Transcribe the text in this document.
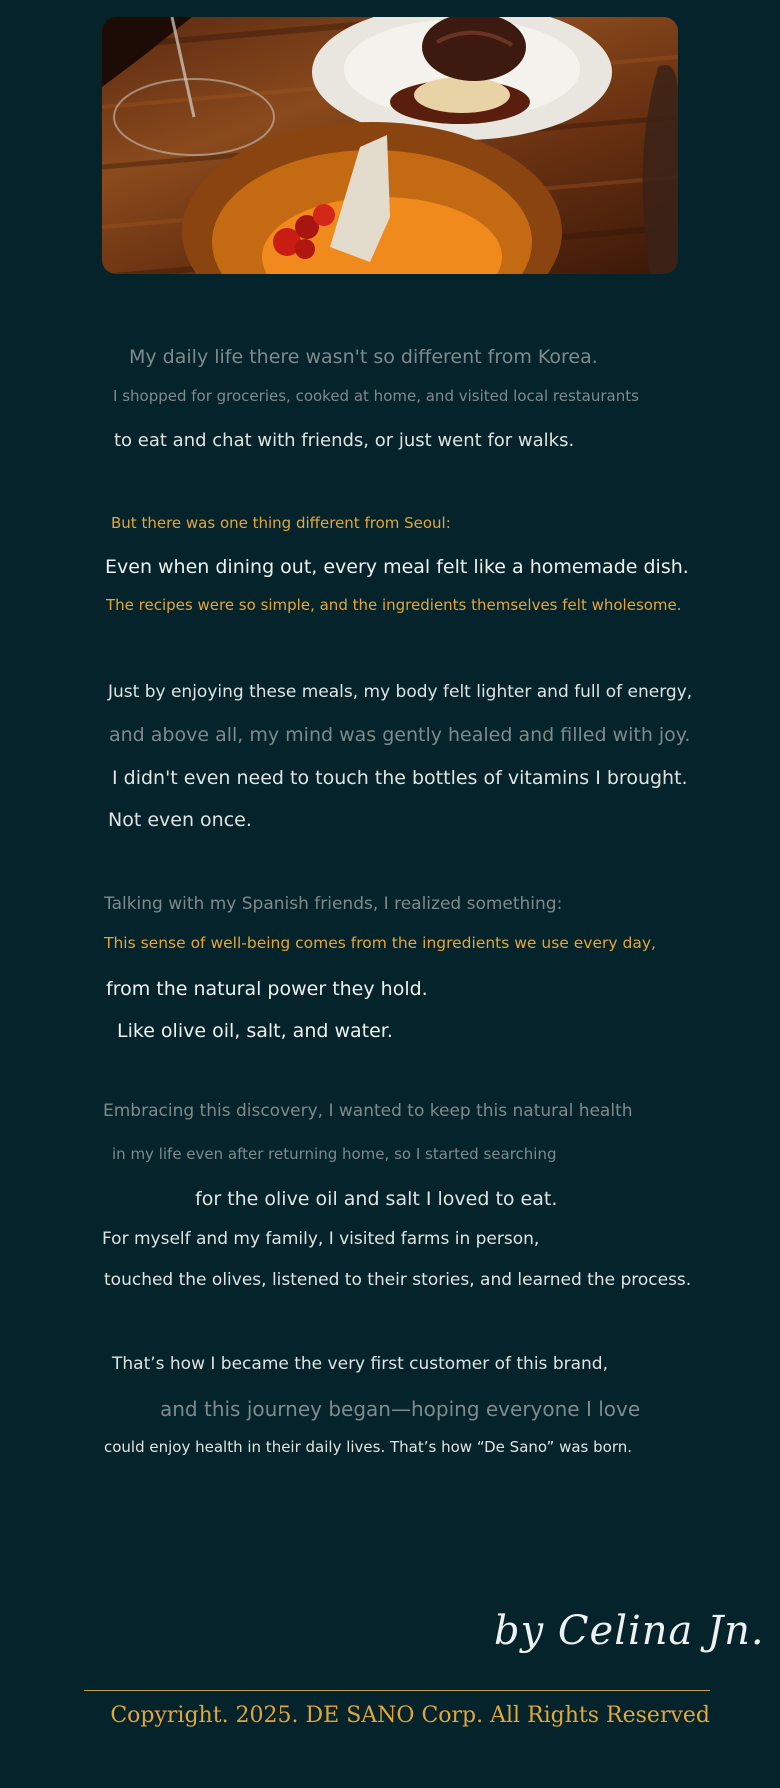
My daily life there wasn't so different from Korea.

I shopped for groceries, cooked at home, and visited local restaurants

to eat and chat with friends, or just went for walks.

But there was one thing different from Seoul:

Even when dining out, every meal felt like a homemade dish.

The recipes were so simple, and the ingredients themselves felt wholesome.

Just by enjoying these meals, my body felt lighter and full of energy,

and above all, my mind was gently healed and filled with joy.

I didn't even need to touch the bottles of vitamins I brought.

Not even once.

Talking with my Spanish friends, I realized something:

This sense of well-being comes from the ingredients we use every day,

from the natural power they hold.

Like olive oil, salt, and water.

Embracing this discovery, I wanted to keep this natural health

in my life even after returning home, so I started searching

for the olive oil and salt I loved to eat.

For myself and my family, I visited farms in person,

touched the olives, listened to their stories, and learned the process.

That’s how I became the very first customer of this brand,

and this journey began—hoping everyone I love

could enjoy health in their daily lives. That’s how “De Sano” was born.

by Celina Jn.
Copyright. 2025. DE SANO Corp. All Rights Reserved
